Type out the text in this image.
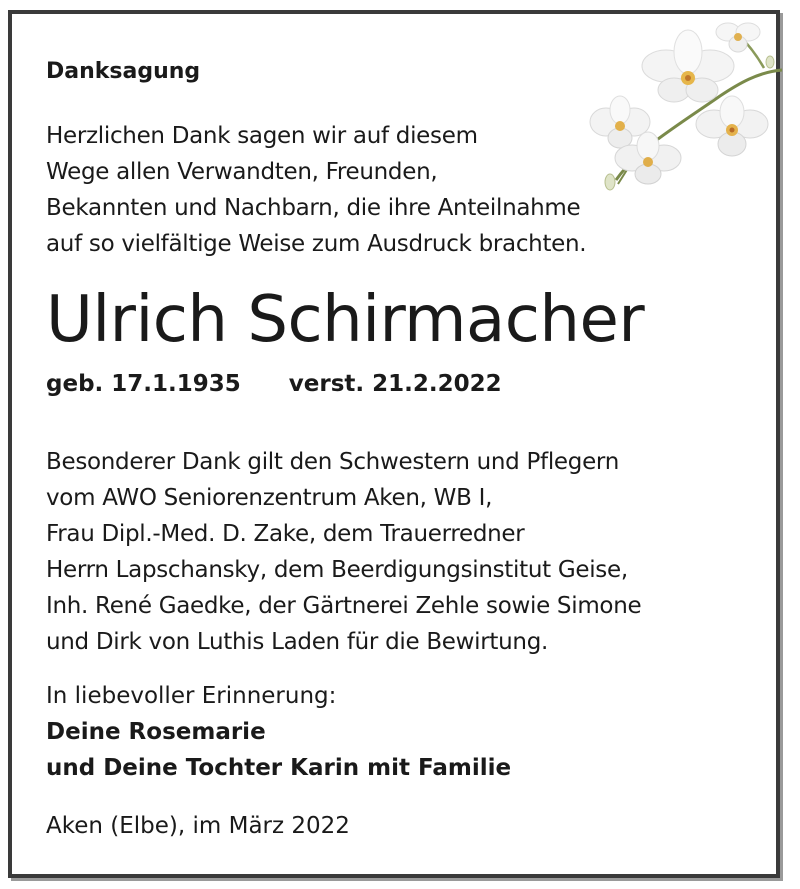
Danksagung

Herzlichen Dank sagen wir auf diesem
Wege allen Verwandten, Freunden,
Bekannten und Nachbarn, die ihre Anteilnahme
auf so vielfältige Weise zum Ausdruck brachten.

Ulrich Schirmacher

geb. 17.1.1935 verst. 21.2.2022

Besonderer Dank gilt den Schwestern und Pflegern
vom AWO Seniorenzentrum Aken, WB I,
Frau Dipl.-Med. D. Zake, dem Trauerredner
Herrn Lapschansky, dem Beerdigungsinstitut Geise,
Inh. René Gaedke, der Gärtnerei Zehle sowie Simone
und Dirk von Luthis Laden für die Bewirtung.

In liebevoller Erinnerung:
Deine Rosemarie
und Deine Tochter Karin mit Familie

Aken (Elbe), im März 2022
